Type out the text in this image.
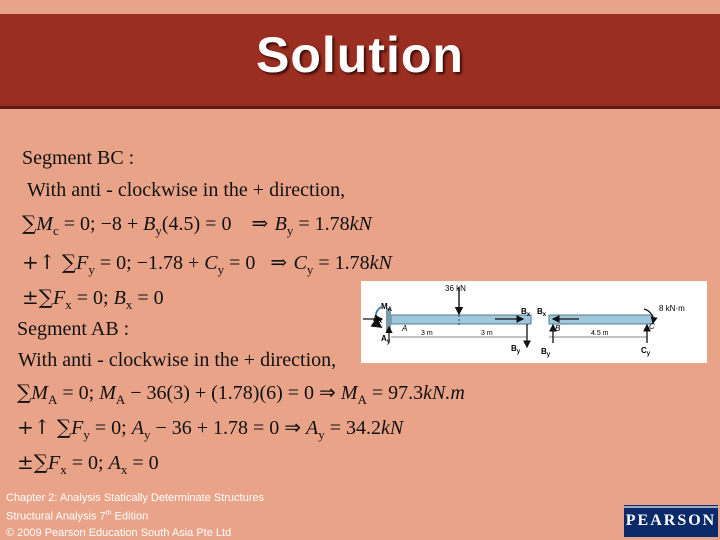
Solution
Segment BC :
With anti - clockwise in the + direction,
$\sum M_c = 0$; $-8 + B_y(4.5) = 0$ ⇒ $B_y = 1.78kN$
+↑ $\sum F_y = 0$; $-1.78 + C_y = 0$ ⇒ $C_y = 1.78kN$
$\pm\sum F_x = 0$; $B_x = 0$
Segment AB :
With anti - clockwise in the + direction,
$\sum M_A = 0$; $M_A - 36(3) + (1.78)(6) = 0$ ⇒ $M_A = 97.3kN.m$
+↑ $\sum F_y = 0$; $A_y - 36 + 1.78 = 0$ ⇒ $A_y = 34.2kN$
$\pm\sum F_x = 0$; $A_x = 0$
36 kN
8 kN·m
$M_A$
$A_x$
$A_y$
A
3 m	3 m	4.5 m
$B_x$
$B_y$
$B_x$
$B_y$
B	C
$C_y$
Chapter 2: Analysis Statically Determinate Structures
Structural Analysis 7th Edition
© 2009 Pearson Education South Asia Pte Ltd
PEARSON
